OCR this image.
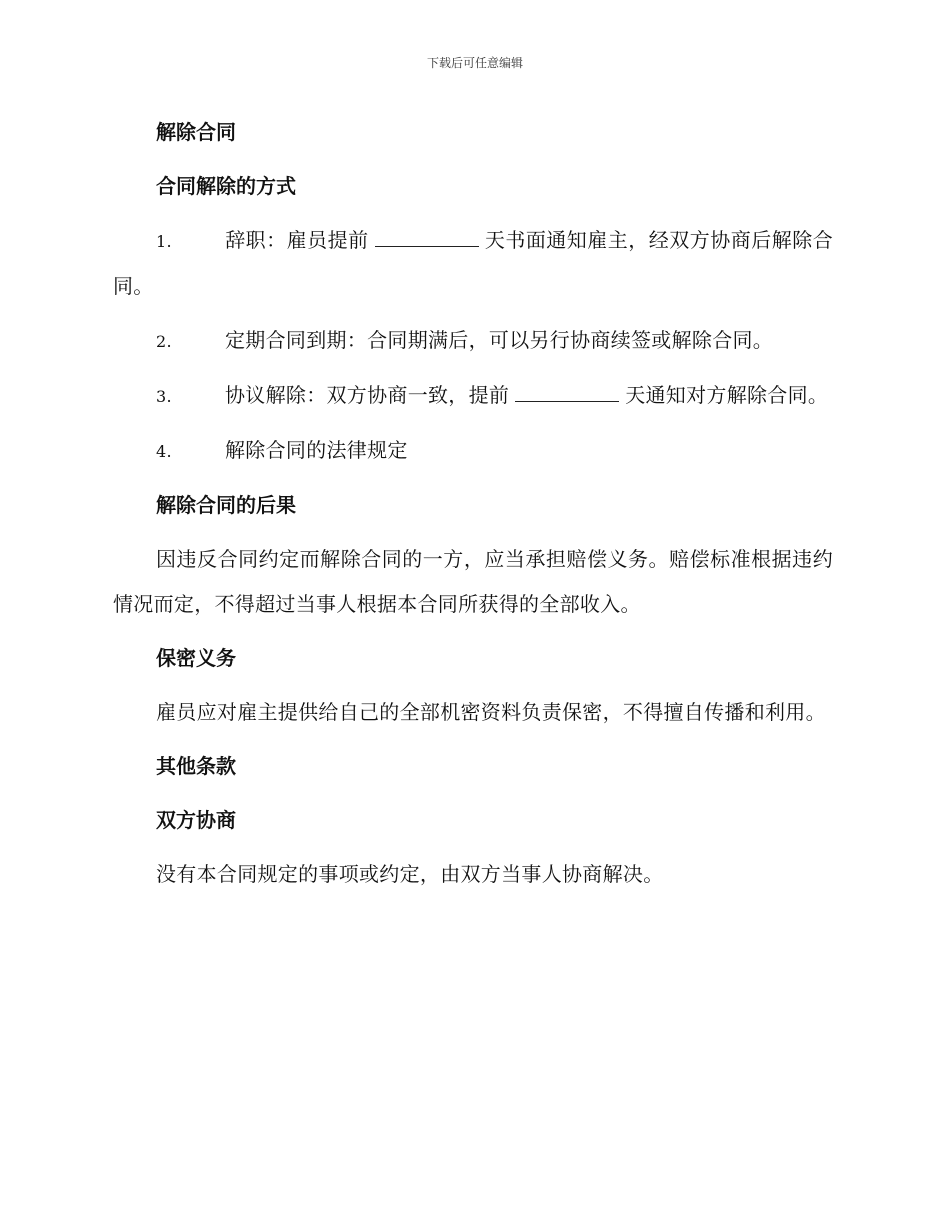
下载后可任意编辑
解除合同
合同解除的方式
1.	辞职：雇员提前	天书面通知雇主，经双方协商后解除合同。
2.	定期合同到期：合同期满后，可以另行协商续签或解除合同。
3.	协议解除：双方协商一致，提前	天通知对方解除合同。
4.	解除合同的法律规定
解除合同的后果
因违反合同约定而解除合同的一方，应当承担赔偿义务。赔偿标准根据违约情况而定，不得超过当事人根据本合同所获得的全部收入。
保密义务
雇员应对雇主提供给自己的全部机密资料负责保密，不得擅自传播和利用。
其他条款
双方协商
没有本合同规定的事项或约定，由双方当事人协商解决。
